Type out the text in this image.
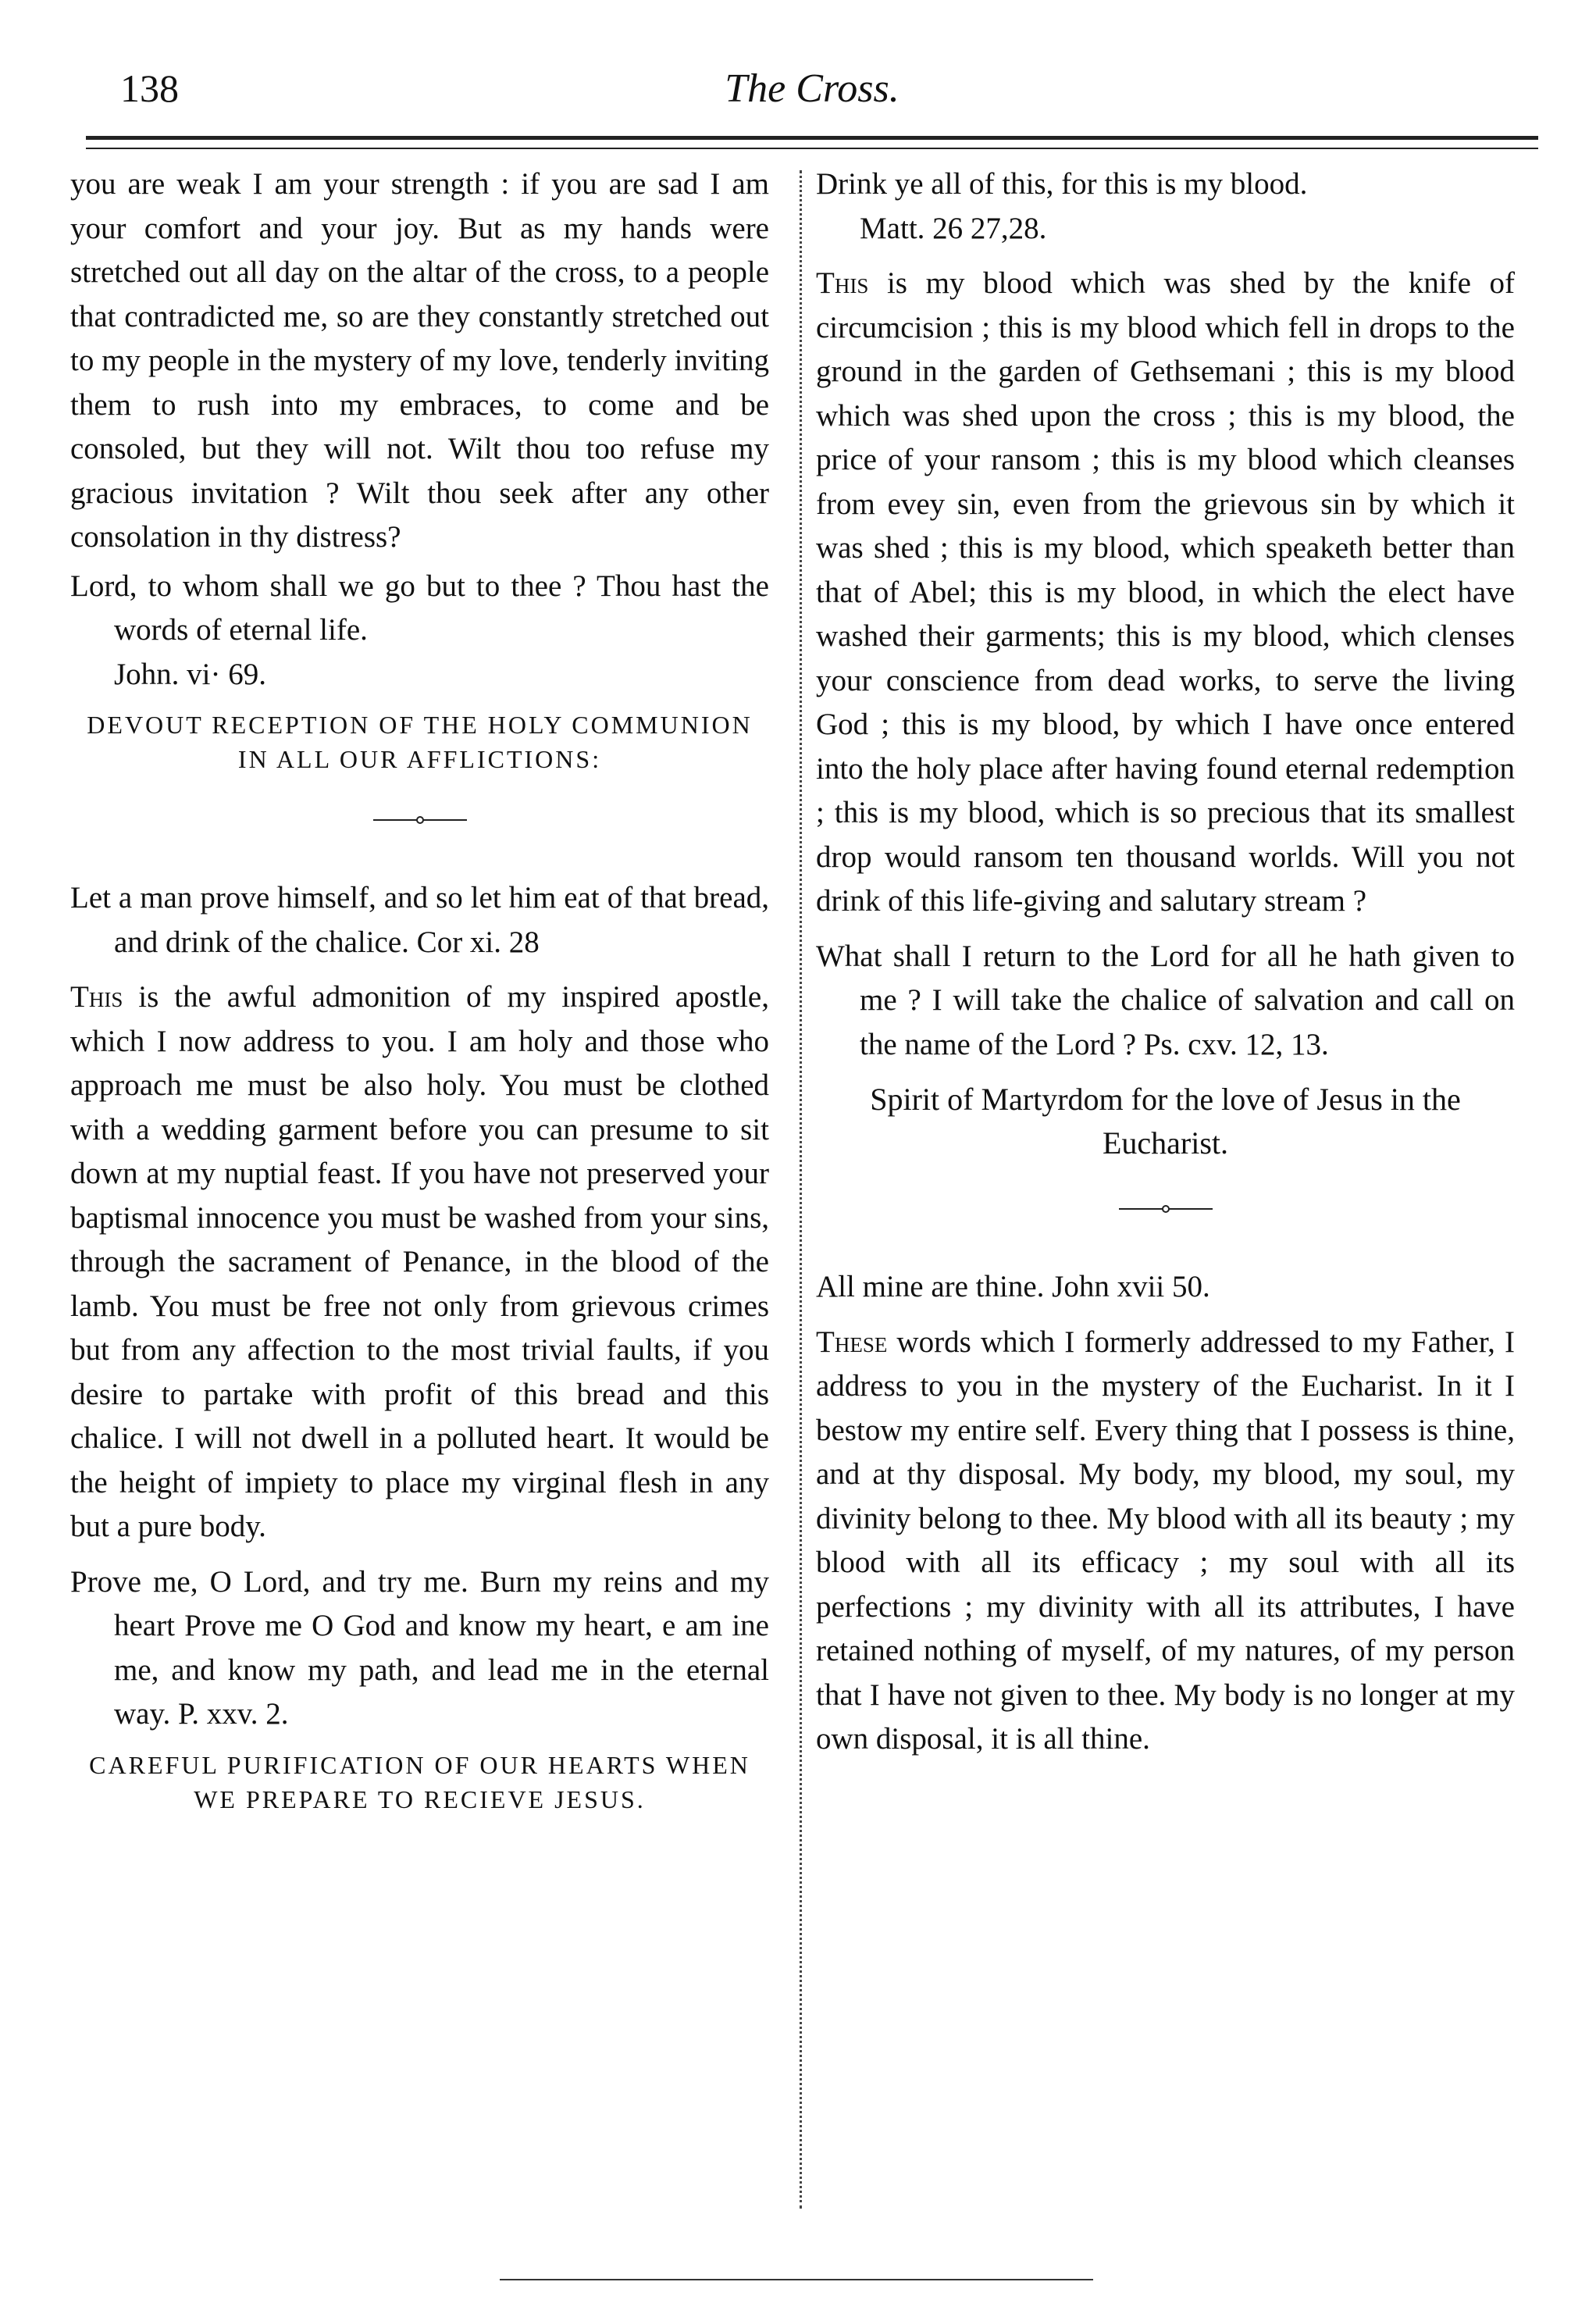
138	The Cross.

you are weak I am your strength : if you are sad I am your comfort and your joy. But as my hands were stretched out all day on the altar of the cross, to a people that contradicted me, so are they constantly stretched out to my people in the mystery of my love, tenderly inviting them to rush into my embraces, to come and be consoled, but they will not. Wilt thou too refuse my gracious invitation ? Wilt thou seek after any other consolation in thy distress?

Lord, to whom shall we go but to thee ? Thou hast the words of eternal life.

John. vi· 69.

DEVOUT RECEPTION OF THE HOLY COMMUNION IN ALL OUR AFFLICTIONS:

Let a man prove himself, and so let him eat of that bread, and drink of the chalice. Cor xi. 28

This is the awful admonition of my inspired apostle, which I now address to you. I am holy and those who approach me must be also holy. You must be clothed with a wedding garment before you can presume to sit down at my nuptial feast. If you have not preserved your baptismal innocence you must be washed from your sins, through the sacrament of Penance, in the blood of the lamb. You must be free not only from grievous crimes but from any affection to the most trivial faults, if you desire to partake with profit of this bread and this chalice. I will not dwell in a polluted heart. It would be the height of impiety to place my virginal flesh in any but a pure body.

Prove me, O Lord, and try me. Burn my reins and my heart Prove me O God and know my heart, e am ine me, and know my path, and lead me in the eternal way. P. xxv. 2.

CAREFUL PURIFICATION OF OUR HEARTS WHEN WE PREPARE TO RECIEVE JESUS.

Drink ye all of this, for this is my blood.

Matt. 26 27,28.

This is my blood which was shed by the knife of circumcision ; this is my blood which fell in drops to the ground in the garden of Gethsemani ; this is my blood which was shed upon the cross ; this is my blood, the price of your ransom ; this is my blood which cleanses from evey sin, even from the grievous sin by which it was shed ; this is my blood, which speaketh better than that of Abel; this is my blood, in which the elect have washed their garments; this is my blood, which clenses your conscience from dead works, to serve the living God ; this is my blood, by which I have once entered into the holy place after having found eternal redemption ; this is my blood, which is so precious that its smallest drop would ransom ten thousand worlds. Will you not drink of this life-giving and salutary stream ?

What shall I return to the Lord for all he hath given to me ? I will take the chalice of salvation and call on the name of the Lord ? Ps. cxv. 12, 13.

Spirit of Martyrdom for the love of Jesus in the Eucharist.

All mine are thine. John xvii 50.

These words which I formerly addressed to my Father, I address to you in the mystery of the Eucharist. In it I bestow my entire self. Every thing that I possess is thine, and at thy disposal. My body, my blood, my soul, my divinity belong to thee. My blood with all its beauty ; my blood with all its efficacy ; my soul with all its perfections ; my divinity with all its attributes, I have retained nothing of myself, of my natures, of my person that I have not given to thee. My body is no longer at my own disposal, it is all thine.
